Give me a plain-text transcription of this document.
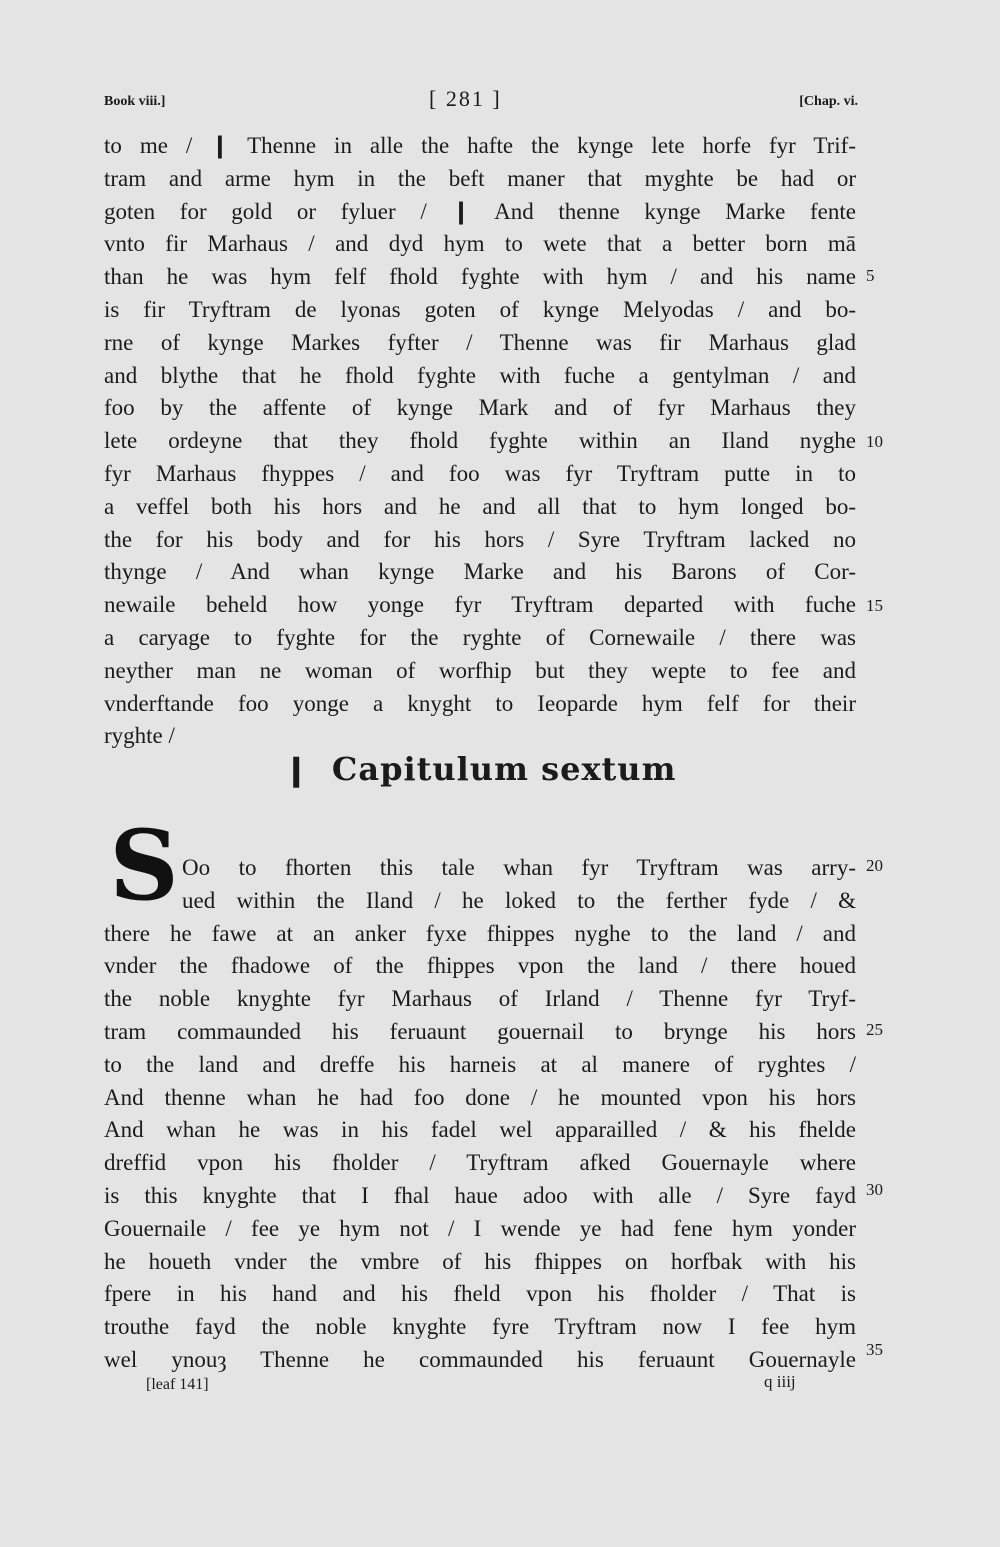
Book viii.]	[ 281 ]	[Chap. vi.
to me / ❙ Thenne in alle the hafte the kynge lete horfe fyr Trif-
tram and arme hym in the beft maner that myghte be had or
goten for gold or fyluer / ❙ And thenne kynge Marke fente
vnto fir Marhaus / and dyd hym to wete that a better born mā
than he was hym felf fhold fyghte with hym / and his name
is fir Tryftram de lyonas goten of kynge Melyodas / and bo-
rne of kynge Markes fyfter / Thenne was fir Marhaus glad
and blythe that he fhold fyghte with fuche a gentylman / and
foo by the affente of kynge Mark and of fyr Marhaus they
lete ordeyne that they fhold fyghte within an Iland nyghe
fyr Marhaus fhyppes / and foo was fyr Tryftram putte in to
a veffel both his hors and he and all that to hym longed bo-
the for his body and for his hors / Syre Tryftram lacked no
thynge / And whan kynge Marke and his Barons of Cor-
newaile beheld how yonge fyr Tryftram departed with fuche
a caryage to fyghte for the ryghte of Cornewaile / there was
neyther man ne woman of worfhip but they wepte to fee and
vnderftande foo yonge a knyght to Ieoparde hym felf for their
ryghte /
❙ Capitulum sextum
S Oo to fhorten this tale whan fyr Tryftram was arry-
ued within the Iland / he loked to the ferther fyde / &
there he fawe at an anker fyxe fhippes nyghe to the land / and
vnder the fhadowe of the fhippes vpon the land / there houed
the noble knyghte fyr Marhaus of Irland / Thenne fyr Tryf-
tram commaunded his feruaunt gouernail to brynge his hors
to the land and dreffe his harneis at al manere of ryghtes /
And thenne whan he had foo done / he mounted vpon his hors
And whan he was in his fadel wel apparailled / & his fhelde
dreffid vpon his fholder / Tryftram afked Gouernayle where
is this knyghte that I fhal haue adoo with alle / Syre fayd
Gouernaile / fee ye hym not / I wende ye had fene hym yonder
he houeth vnder the vmbre of his fhippes on horfbak with his
fpere in his hand and his fheld vpon his fholder / That is
trouthe fayd the noble knyghte fyre Tryftram now I fee hym
wel ynouȝ Thenne he commaunded his feruaunt Gouernayle
5
10
15
20
25
30
35
[leaf 141]	q iiij
